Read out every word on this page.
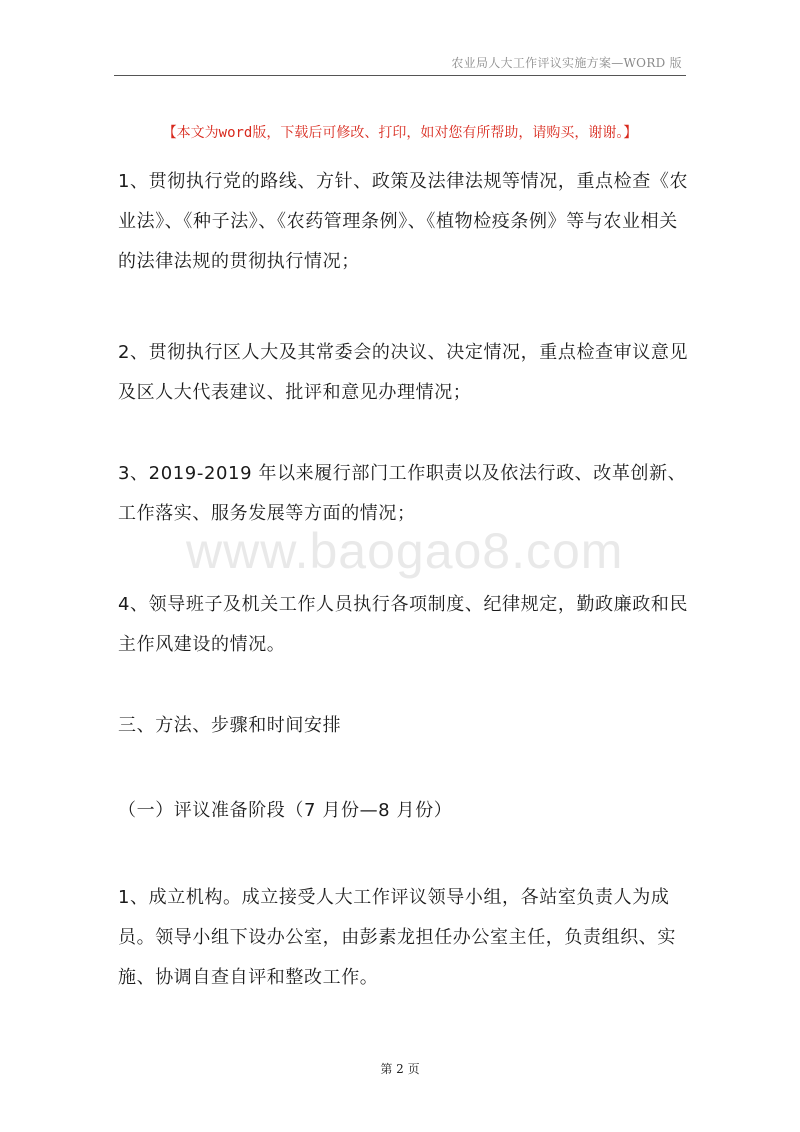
农业局人大工作评议实施方案—WORD 版
【本文为word版，下载后可修改、打印，如对您有所帮助，请购买，谢谢。】
1、贯彻执行党的路线、方针、政策及法律法规等情况，重点检查《农业法》、《种子法》、《农药管理条例》、《植物检疫条例》等与农业相关的法律法规的贯彻执行情况；
2、贯彻执行区人大及其常委会的决议、决定情况，重点检查审议意见及区人大代表建议、批评和意见办理情况；
3、2019-2019 年以来履行部门工作职责以及依法行政、改革创新、工作落实、服务发展等方面的情况；
4、领导班子及机关工作人员执行各项制度、纪律规定，勤政廉政和民主作风建设的情况。
三、方法、步骤和时间安排
（一）评议准备阶段（7 月份—8 月份）
1、成立机构。成立接受人大工作评议领导小组，各站室负责人为成员。领导小组下设办公室，由彭素龙担任办公室主任，负责组织、实施、协调自查自评和整改工作。
www.baogao8.com
第 2 页
